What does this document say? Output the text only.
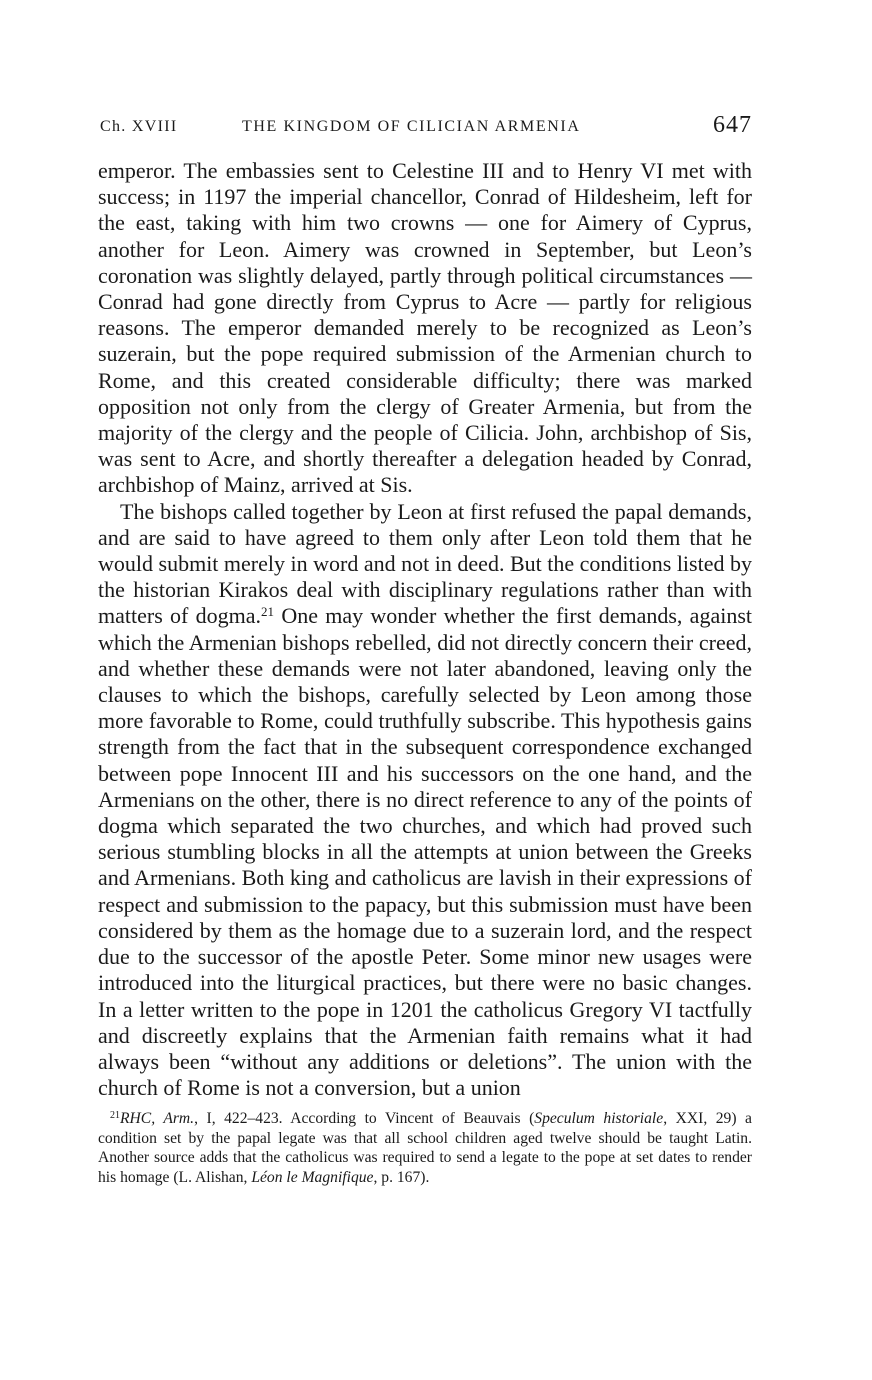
Ch. XVIII	THE KINGDOM OF CILICIAN ARMENIA	647

emperor. The embassies sent to Celestine III and to Henry VI met with success; in 1197 the imperial chancellor, Conrad of Hildesheim, left for the east, taking with him two crowns — one for Aimery of Cyprus, another for Leon. Aimery was crowned in September, but Leon’s coronation was slightly delayed, partly through political circumstances — Conrad had gone directly from Cyprus to Acre — partly for religious reasons. The emperor demanded merely to be recognized as Leon’s suzerain, but the pope required submission of the Armenian church to Rome, and this created considerable difficulty; there was marked opposition not only from the clergy of Greater Armenia, but from the majority of the clergy and the people of Cilicia. John, archbishop of Sis, was sent to Acre, and shortly thereafter a delegation headed by Conrad, archbishop of Mainz, arrived at Sis.

The bishops called together by Leon at first refused the papal demands, and are said to have agreed to them only after Leon told them that he would submit merely in word and not in deed. But the conditions listed by the historian Kirakos deal with disciplinary regulations rather than with matters of dogma.$^{21}$ One may wonder whether the first demands, against which the Armenian bishops rebelled, did not directly concern their creed, and whether these demands were not later abandoned, leaving only the clauses to which the bishops, carefully selected by Leon among those more favorable to Rome, could truthfully subscribe. This hypothesis gains strength from the fact that in the subsequent correspondence exchanged between pope Innocent III and his successors on the one hand, and the Armenians on the other, there is no direct reference to any of the points of dogma which separated the two churches, and which had proved such serious stumbling blocks in all the attempts at union between the Greeks and Armenians. Both king and catholicus are lavish in their expressions of respect and submission to the papacy, but this submission must have been considered by them as the homage due to a suzerain lord, and the respect due to the successor of the apostle Peter. Some minor new usages were introduced into the liturgical practices, but there were no basic changes. In a letter written to the pope in 1201 the catholicus Gregory VI tactfully and discreetly explains that the Armenian faith remains what it had always been “without any additions or deletions”. The union with the church of Rome is not a conversion, but a union

$^{21}$RHC, Arm., I, 422–423. According to Vincent of Beauvais (Speculum historiale, XXI, 29) a condition set by the papal legate was that all school children aged twelve should be taught Latin. Another source adds that the catholicus was required to send a legate to the pope at set dates to render his homage (L. Alishan, Léon le Magnifique, p. 167).
